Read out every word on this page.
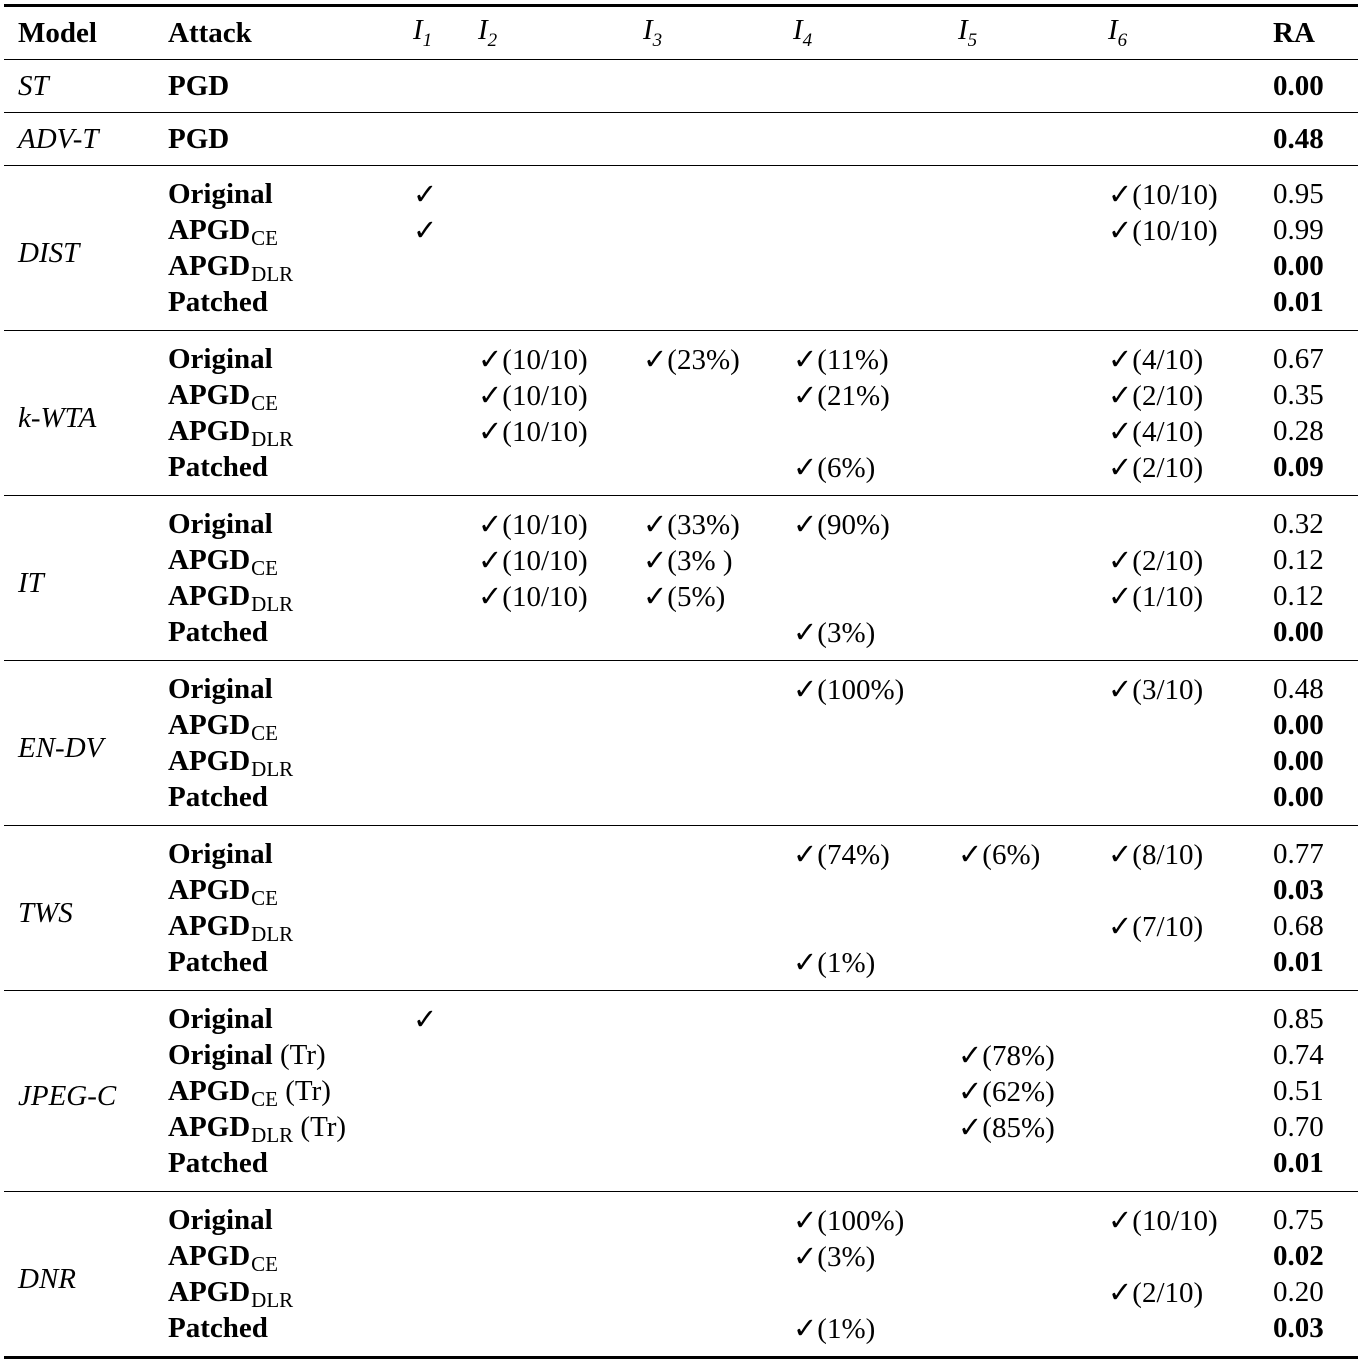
Model	Attack	$I_1$	$I_2$	$I_3$	$I_4$	$I_5$	$I_6$	RA
ST	PGD							0.00
ADV-T	PGD							0.48
DIST	Original	✓					✓(10/10)	0.95
	$APGD_{CE}$	✓					✓(10/10)	0.99
	$APGD_{DLR}$							0.00
	Patched							0.01
k-WTA	Original		✓(10/10)	✓(23%)	✓(11%)		✓(4/10)	0.67
	$APGD_{CE}$		✓(10/10)		✓(21%)		✓(2/10)	0.35
	$APGD_{DLR}$		✓(10/10)				✓(4/10)	0.28
	Patched				✓(6%)		✓(2/10)	0.09
IT	Original		✓(10/10)	✓(33%)	✓(90%)			0.32
	$APGD_{CE}$		✓(10/10)	✓(3% )			✓(2/10)	0.12
	$APGD_{DLR}$		✓(10/10)	✓(5%)			✓(1/10)	0.12
	Patched				✓(3%)			0.00
EN-DV	Original				✓(100%)		✓(3/10)	0.48
	$APGD_{CE}$							0.00
	$APGD_{DLR}$							0.00
	Patched							0.00
TWS	Original				✓(74%)	✓(6%)	✓(8/10)	0.77
	$APGD_{CE}$							0.03
	$APGD_{DLR}$						✓(7/10)	0.68
	Patched				✓(1%)			0.01
JPEG-C	Original	✓						0.85
	Original (Tr)					✓(78%)		0.74
	$APGD_{CE}$ (Tr)					✓(62%)		0.51
	$APGD_{DLR}$ (Tr)					✓(85%)		0.70
	Patched							0.01
DNR	Original				✓(100%)		✓(10/10)	0.75
	$APGD_{CE}$				✓(3%)			0.02
	$APGD_{DLR}$						✓(2/10)	0.20
	Patched				✓(1%)			0.03
